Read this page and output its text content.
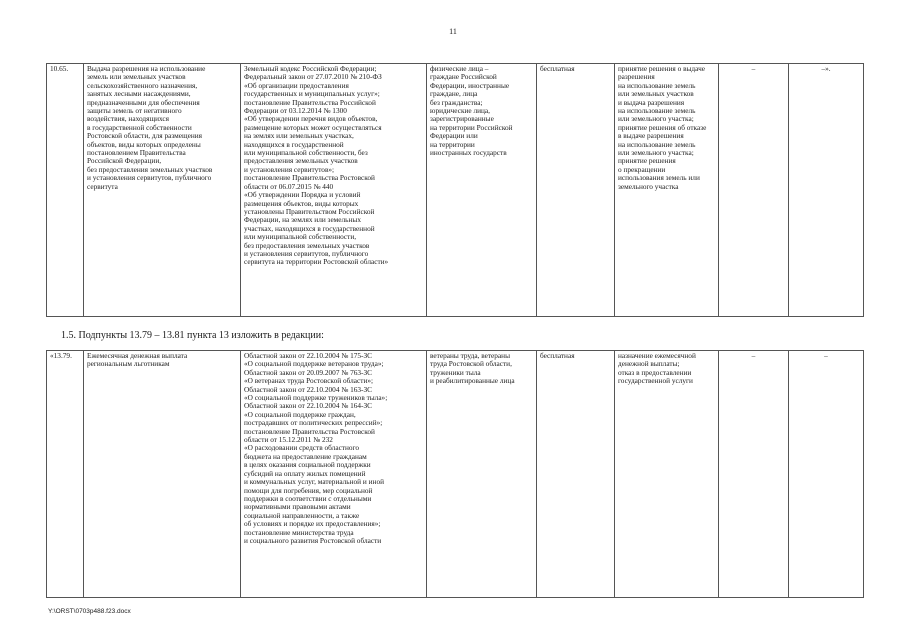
11
10.65.	Выдача разрешения на использование
земель или земельных участков
сельскохозяйственного назначения,
занятых лесными насаждениями,
предназначенными для обеспечения
защиты земель от негативного
воздействия, находящихся
в государственной собственности
Ростовской области, для размещения
объектов, виды которых определены
постановлением Правительства
Российской Федерации,
без предоставления земельных участков
и установления сервитутов, публичного
сервитута	Земельный кодекс Российской Федерации;
Федеральный закон от 27.07.2010 № 210-ФЗ
«Об организации предоставления
государственных и муниципальных услуг»;
постановление Правительства Российской
Федерации от 03.12.2014 № 1300
«Об утверждении перечня видов объектов,
размещение которых может осуществляться
на землях или земельных участках,
находящихся в государственной
или муниципальной собственности, без
предоставления земельных участков
и установления сервитутов»;
постановление Правительства Ростовской
области от 06.07.2015 № 440
«Об утверждении Порядка и условий
размещения объектов, виды которых
установлены Правительством Российской
Федерации, на землях или земельных
участках, находящихся в государственной
или муниципальной собственности,
без предоставления земельных участков
и установления сервитутов, публичного
сервитута на территории Ростовской области»	физические лица –
граждане Российской
Федерации, иностранные
граждане, лица
без гражданства;
юридические лица,
зарегистрированные
на территории Российской
Федерации или
на территории
иностранных государств	бесплатная	принятие решения о выдаче
разрешения
на использование земель
или земельных участков
и выдача разрешения
на использование земель
или земельного участка;
принятие решения об отказе
в выдаче разрешения
на использование земель
или земельного участка;
принятие решения
о прекращении
использования земель или
земельного участка	–	–».

1.5. Подпункты 13.79 – 13.81 пункта 13 изложить в редакции:
«13.79.	Ежемесячная денежная выплата
региональным льготникам	Областной закон от 22.10.2004 № 175-ЗС
«О социальной поддержке ветеранов труда»;
Областной закон от 20.09.2007 № 763-ЗС
«О ветеранах труда Ростовской области»;
Областной закон от 22.10.2004 № 163-ЗС
«О социальной поддержке тружеников тыла»;
Областной закон от 22.10.2004 № 164-ЗС
«О социальной поддержке граждан,
пострадавших от политических репрессий»;
постановление Правительства Ростовской
области от 15.12.2011 № 232
«О расходовании средств областного
бюджета на предоставление гражданам
в целях оказания социальной поддержки
субсидий на оплату жилых помещений
и коммунальных услуг, материальной и иной
помощи для погребения, мер социальной
поддержки в соответствии с отдельными
нормативными правовыми актами
социальной направленности, а также
об условиях и порядке их предоставления»;
постановление министерства труда
и социального развития Ростовской области	ветераны труда, ветераны
труда Ростовской области,
труженики тыла
и реабилитированные лица	бесплатная	назначение ежемесячной
денежной выплаты;
отказ в предоставлении
государственной услуги	–	–
Y:\ORST\0703p488.f23.docx
